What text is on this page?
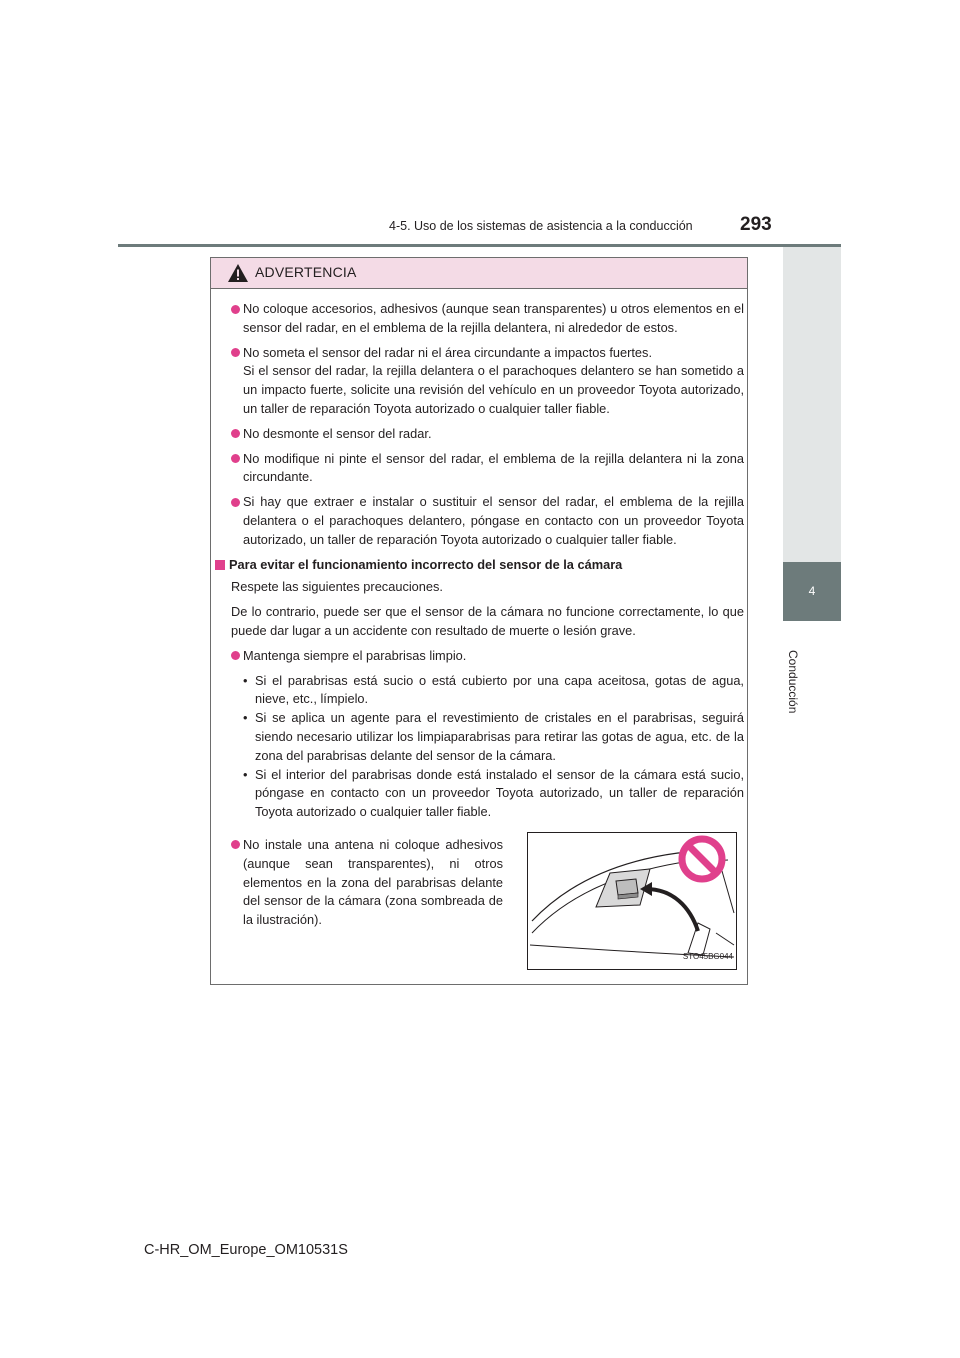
4-5. Uso de los sistemas de asistencia a la conducción 293
4
Conducción
ADVERTENCIA
No coloque accesorios, adhesivos (aunque sean transparentes) u otros elementos en el sensor del radar, en el emblema de la rejilla delantera, ni alrededor de estos.
No someta el sensor del radar ni el área circundante a impactos fuertes.
Si el sensor del radar, la rejilla delantera o el parachoques delantero se han sometido a un impacto fuerte, solicite una revisión del vehículo en un proveedor Toyota autorizado, un taller de reparación Toyota autorizado o cualquier taller fiable.
No desmonte el sensor del radar.
No modifique ni pinte el sensor del radar, el emblema de la rejilla delantera ni la zona circundante.
Si hay que extraer e instalar o sustituir el sensor del radar, el emblema de la rejilla delantera o el parachoques delantero, póngase en contacto con un proveedor Toyota autorizado, un taller de reparación Toyota autorizado o cualquier taller fiable.
Para evitar el funcionamiento incorrecto del sensor de la cámara
Respete las siguientes precauciones.
De lo contrario, puede ser que el sensor de la cámara no funcione correctamente, lo que puede dar lugar a un accidente con resultado de muerte o lesión grave.
Mantenga siempre el parabrisas limpio.
• Si el parabrisas está sucio o está cubierto por una capa aceitosa, gotas de agua, nieve, etc., límpielo.
• Si se aplica un agente para el revestimiento de cristales en el parabrisas, seguirá siendo necesario utilizar los limpiaparabrisas para retirar las gotas de agua, etc. de la zona del parabrisas delante del sensor de la cámara.
• Si el interior del parabrisas donde está instalado el sensor de la cámara está sucio, póngase en contacto con un proveedor Toyota autorizado, un taller de reparación Toyota autorizado o cualquier taller fiable.
No instale una antena ni coloque adhesivos (aunque sean transparentes), ni otros elementos en la zona del parabrisas delante del sensor de la cámara (zona sombreada de la ilustración).
STO45BG044
C-HR_OM_Europe_OM10531S
